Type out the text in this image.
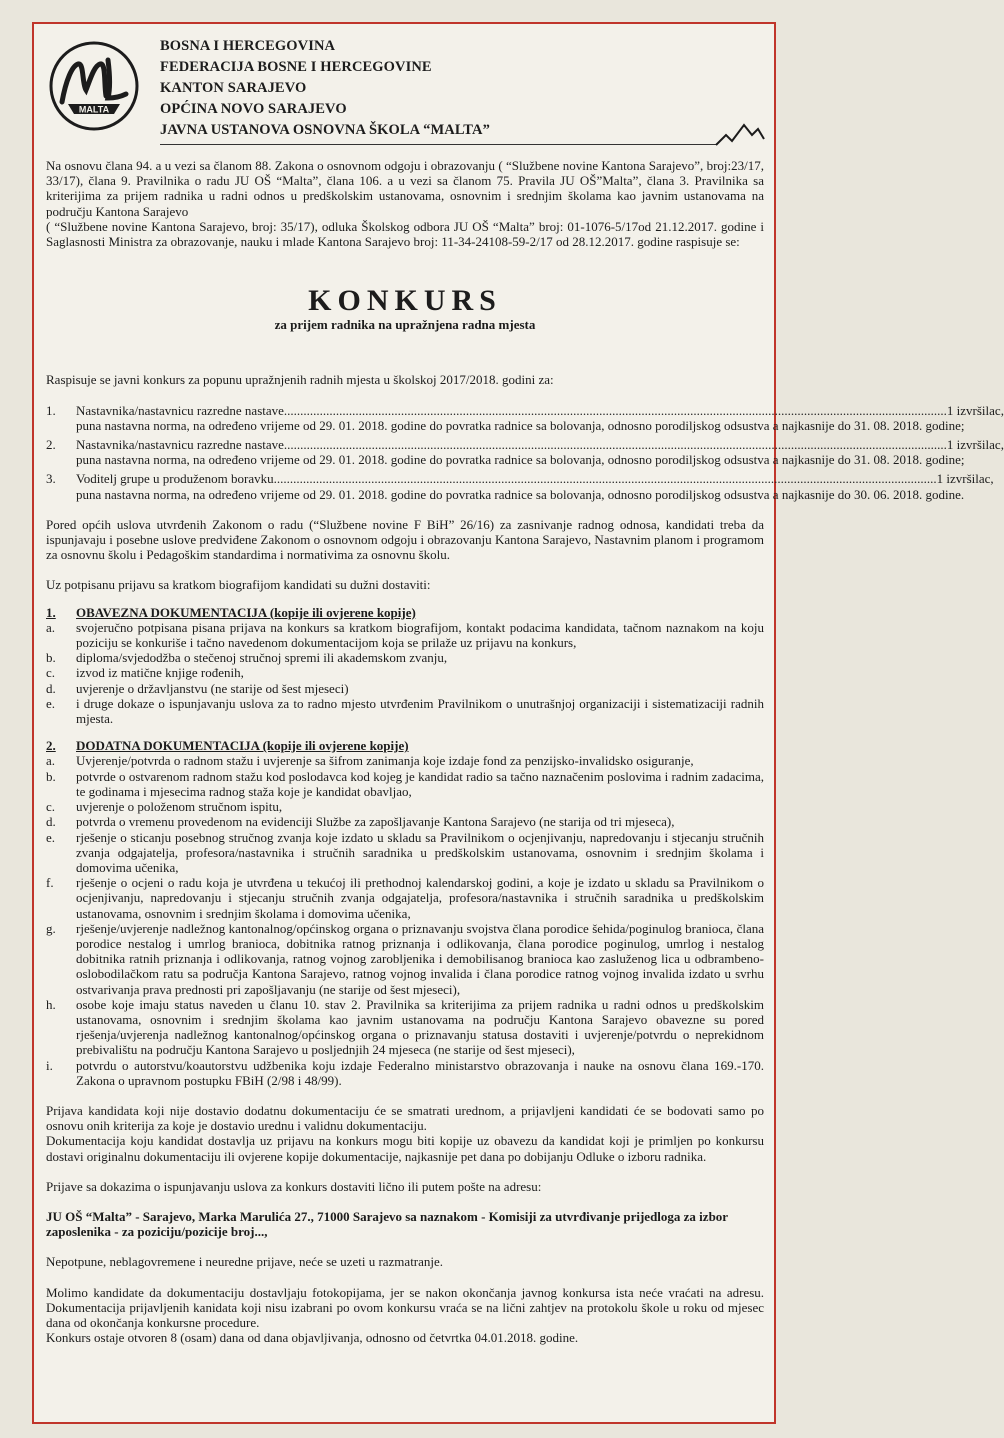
MALTA
BOSNA I HERCEGOVINA
FEDERACIJA BOSNE I HERCEGOVINE
KANTON SARAJEVO
OPĆINA NOVO SARAJEVO
JAVNA USTANOVA OSNOVNA ŠKOLA “MALTA”

Na osnovu člana 94. a u vezi sa članom 88. Zakona o osnovnom odgoju i obrazovanju ( “Službene novine Kantona Sarajevo”, broj:23/17, 33/17), člana 9. Pravilnika o radu JU OŠ “Malta”, člana 106. a u vezi sa članom 75. Pravila JU OŠ”Malta”, člana 3. Pravilnika sa kriterijima za prijem radnika u radni odnos u predškolskim ustanovama, osnovnim i srednjim školama kao javnim ustanovama na području Kantona Sarajevo

( “Službene novine Kantona Sarajevo, broj: 35/17), odluka Školskog odbora JU OŠ “Malta” broj: 01-1076-5/17od 21.12.2017. godine i Saglasnosti Ministra za obrazovanje, nauku i mlade Kantona Sarajevo broj: 11-34-24108-59-2/17 od 28.12.2017. godine raspisuje se:

KONKURS
za prijem radnika na upražnjena radna mjesta

Raspisuje se javni konkurs za popunu upražnjenih radnih mjesta u školskoj 2017/2018. godini za:

1.	Nastavnika/nastavnicu razredne nastave .....	1 izvršilac,
puna nastavna norma, na određeno vrijeme od 29. 01. 2018. godine do povratka radnice sa bolovanja, odnosno porodiljskog odsustva a najkasnije do 31. 08. 2018. godine;
2.	Nastavnika/nastavnicu razredne nastave .....	1 izvršilac,
puna nastavna norma, na određeno vrijeme od 29. 01. 2018. godine do povratka radnice sa bolovanja, odnosno porodiljskog odsustva a najkasnije do 31. 08. 2018. godine;
3.	Voditelj grupe u produženom boravku .....	1 izvršilac,
puna nastavna norma, na određeno vrijeme od 29. 01. 2018. godine do povratka radnice sa bolovanja, odnosno porodiljskog odsustva a najkasnije do 30. 06. 2018. godine.

Pored općih uslova utvrđenih Zakonom o radu (“Službene novine F BiH” 26/16) za zasnivanje radnog odnosa, kandidati treba da ispunjavaju i posebne uslove predviđene Zakonom o osnovnom odgoju i obrazovanju Kantona Sarajevo, Nastavnim planom i programom za osnovnu školu i Pedagoškim standardima i normativima za osnovnu školu.

Uz potpisanu prijavu sa kratkom biografijom kandidati su dužni dostaviti:

1.	OBAVEZNA DOKUMENTACIJA (kopije ili ovjerene kopije)
a.	svojeručno potpisana pisana prijava na konkurs sa kratkom biografijom, kontakt podacima kandidata, tačnom naznakom na koju poziciju se konkuriše i tačno navedenom dokumentacijom koja se prilaže uz prijavu na konkurs,
b.	diploma/svjedodžba o stečenoj stručnoj spremi ili akademskom zvanju,
c.	izvod iz matične knjige rođenih,
d.	uvjerenje o državljanstvu (ne starije od šest mjeseci)
e.	i druge dokaze o ispunjavanju uslova za to radno mjesto utvrđenim Pravilnikom o unutrašnjoj organizaciji i sistematizaciji radnih mjesta.
2.	DODATNA DOKUMENTACIJA (kopije ili ovjerene kopije)
a.	Uvjerenje/potvrda o radnom stažu i uvjerenje sa šifrom zanimanja koje izdaje fond za penzijsko-invalidsko osiguranje,
b.	potvrde o ostvarenom radnom stažu kod poslodavca kod kojeg je kandidat radio sa tačno naznačenim poslovima i radnim zadacima, te godinama i mjesecima radnog staža koje je kandidat obavljao,
c.	uvjerenje o položenom stručnom ispitu,
d.	potvrda o vremenu provedenom na evidenciji Službe za zapošljavanje Kantona Sarajevo (ne starija od tri mjeseca),
e.	rješenje o sticanju posebnog stručnog zvanja koje izdato u skladu sa Pravilnikom o ocjenjivanju, napredovanju i stjecanju stručnih zvanja odgajatelja, profesora/nastavnika i stručnih saradnika u predškolskim ustanovama, osnovnim i srednjim školama i domovima učenika,
f.	rješenje o ocjeni o radu koja je utvrđena u tekućoj ili prethodnoj kalendarskoj godini, a koje je izdato u skladu sa Pravilnikom o ocjenjivanju, napredovanju i stjecanju stručnih zvanja odgajatelja, profesora/nastavnika i stručnih saradnika u predškolskim ustanovama, osnovnim i srednjim školama i domovima učenika,
g.	rješenje/uvjerenje nadležnog kantonalnog/općinskog organa o priznavanju svojstva člana porodice šehida/poginulog branioca, člana porodice nestalog i umrlog branioca, dobitnika ratnog priznanja i odlikovanja, člana porodice poginulog, umrlog i nestalog dobitnika ratnih priznanja i odlikovanja, ratnog vojnog zarobljenika i demobilisanog branioca kao zasluženog lica u odbrambeno-oslobodilačkom ratu sa područja Kantona Sarajevo, ratnog vojnog invalida i člana porodice ratnog vojnog invalida izdato u svrhu ostvarivanja prava prednosti pri zapošljavanju (ne starije od šest mjeseci),
h.	osobe koje imaju status naveden u članu 10. stav 2. Pravilnika sa kriterijima za prijem radnika u radni odnos u predškolskim ustanovama, osnovnim i srednjim školama kao javnim ustanovama na području Kantona Sarajevo obavezne su pored rješenja/uvjerenja nadležnog kantonalnog/općinskog organa o priznavanju statusa dostaviti i uvjerenje/potvrdu o neprekidnom prebivalištu na području Kantona Sarajevo u posljednjih 24 mjeseca (ne starije od šest mjeseci),
i.	potvrdu o autorstvu/koautorstvu udžbenika koju izdaje Federalno ministarstvo obrazovanja i nauke na osnovu člana 169.-170. Zakona o upravnom postupku FBiH (2/98 i 48/99).

Prijava kandidata koji nije dostavio dodatnu dokumentaciju će se smatrati urednom, a prijavljeni kandidati će se bodovati samo po osnovu onih kriterija za koje je dostavio urednu i validnu dokumentaciju.

Dokumentacija koju kandidat dostavlja uz prijavu na konkurs mogu biti kopije uz obavezu da kandidat koji je primljen po konkursu dostavi originalnu dokumentaciju ili ovjerene kopije dokumentacije, najkasnije pet dana po dobijanju Odluke o izboru radnika.

Prijave sa dokazima o ispunjavanju uslova za konkurs dostaviti lično ili putem pošte na adresu:

JU OŠ “Malta” - Sarajevo, Marka Marulića 27., 71000 Sarajevo sa naznakom - Komisiji za utvrđivanje prijedloga za izbor zaposlenika - za poziciju/pozicije broj...,

Nepotpune, neblagovremene i neuredne prijave, neće se uzeti u razmatranje.

Molimo kandidate da dokumentaciju dostavljaju fotokopijama, jer se nakon okončanja javnog konkursa ista neće vraćati na adresu. Dokumentacija prijavljenih kanidata koji nisu izabrani po ovom konkursu vraća se na lični zahtjev na protokolu škole u roku od mjesec dana od okončanja konkursne procedure.

Konkurs ostaje otvoren 8 (osam) dana od dana objavljivanja, odnosno od četvrtka 04.01.2018. godine.
